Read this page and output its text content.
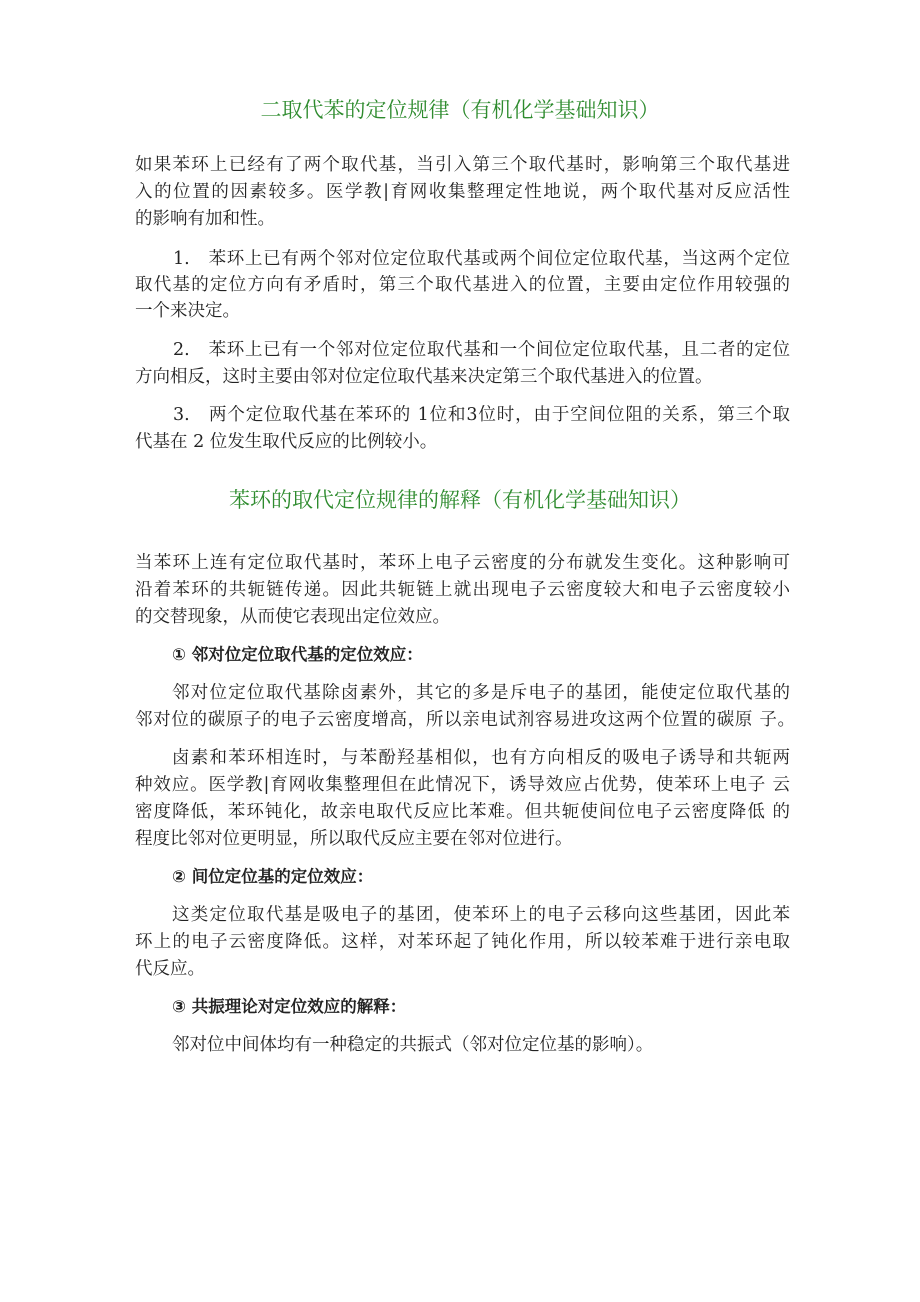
二取代苯的定位规律（有机化学基础知识）
如果苯环上已经有了两个取代基，当引入第三个取代基时，影响第三个取代基进
入的位置的因素较多。医学教|育网收集整理定性地说，两个取代基对反应活性
的影响有加和性。
1.　苯环上已有两个邻对位定位取代基或两个间位定位取代基，当这两个定位
取代基的定位方向有矛盾时，第三个取代基进入的位置，主要由定位作用较强的
一个来决定。
2.　苯环上已有一个邻对位定位取代基和一个间位定位取代基，且二者的定位
方向相反，这时主要由邻对位定位取代基来决定第三个取代基进入的位置。
3.　两个定位取代基在苯环的 1位和3位时，由于空间位阻的关系，第三个取
代基在 2 位发生取代反应的比例较小。
苯环的取代定位规律的解释（有机化学基础知识）
当苯环上连有定位取代基时，苯环上电子云密度的分布就发生变化。这种影响可
沿着苯环的共轭链传递。因此共轭链上就出现电子云密度较大和电子云密度较小
的交替现象，从而使它表现出定位效应。
① 邻对位定位取代基的定位效应：
邻对位定位取代基除卤素外，其它的多是斥电子的基团，能使定位取代基的
邻对位的碳原子的电子云密度增高，所以亲电试剂容易进攻这两个位置的碳原 子。
卤素和苯环相连时，与苯酚羟基相似，也有方向相反的吸电子诱导和共轭两
种效应。医学教|育网收集整理但在此情况下，诱导效应占优势，使苯环上电子 云
密度降低，苯环钝化，故亲电取代反应比苯难。但共轭使间位电子云密度降低 的
程度比邻对位更明显，所以取代反应主要在邻对位进行。
② 间位定位基的定位效应：
这类定位取代基是吸电子的基团，使苯环上的电子云移向这些基团，因此苯
环上的电子云密度降低。这样，对苯环起了钝化作用，所以较苯难于进行亲电取
代反应。
③ 共振理论对定位效应的解释：
邻对位中间体均有一种稳定的共振式（邻对位定位基的影响）。
